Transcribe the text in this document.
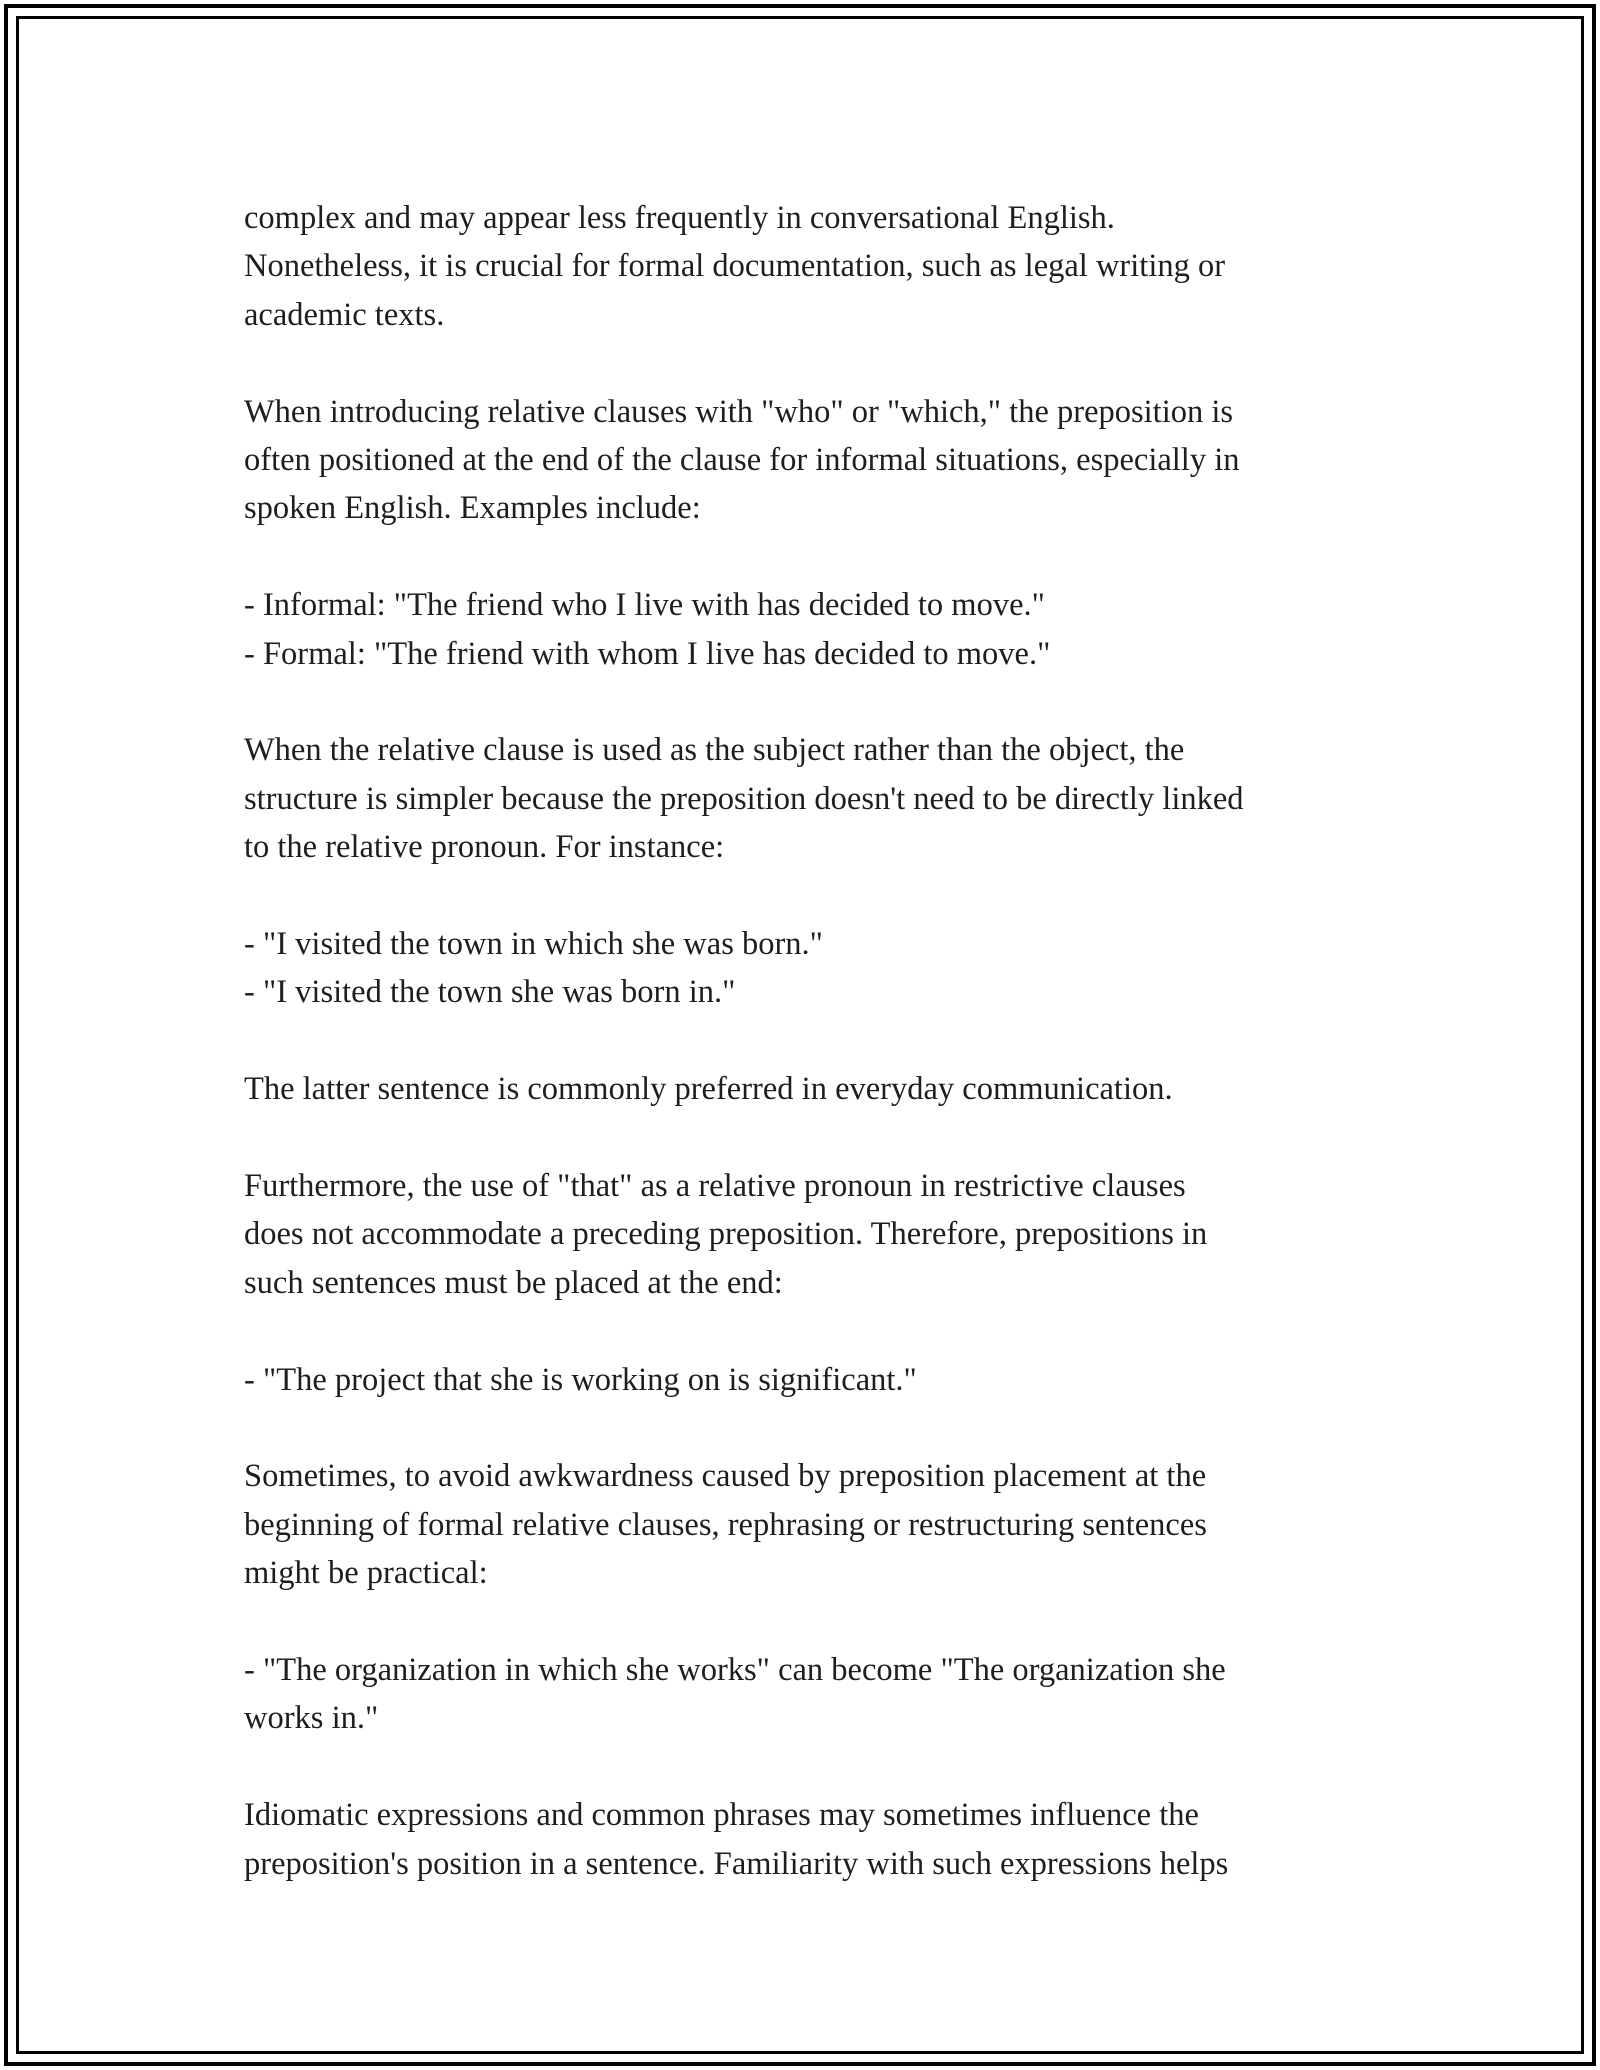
complex and may appear less frequently in conversational English.
Nonetheless, it is crucial for formal documentation, such as legal writing or
academic texts.

When introducing relative clauses with "who" or "which," the preposition is
often positioned at the end of the clause for informal situations, especially in
spoken English. Examples include:

- Informal: "The friend who I live with has decided to move."
- Formal: "The friend with whom I live has decided to move."

When the relative clause is used as the subject rather than the object, the
structure is simpler because the preposition doesn't need to be directly linked
to the relative pronoun. For instance:

- "I visited the town in which she was born."
- "I visited the town she was born in."

The latter sentence is commonly preferred in everyday communication.

Furthermore, the use of "that" as a relative pronoun in restrictive clauses
does not accommodate a preceding preposition. Therefore, prepositions in
such sentences must be placed at the end:

- "The project that she is working on is significant."

Sometimes, to avoid awkwardness caused by preposition placement at the
beginning of formal relative clauses, rephrasing or restructuring sentences
might be practical:

- "The organization in which she works" can become "The organization she
works in."

Idiomatic expressions and common phrases may sometimes influence the
preposition's position in a sentence. Familiarity with such expressions helps
